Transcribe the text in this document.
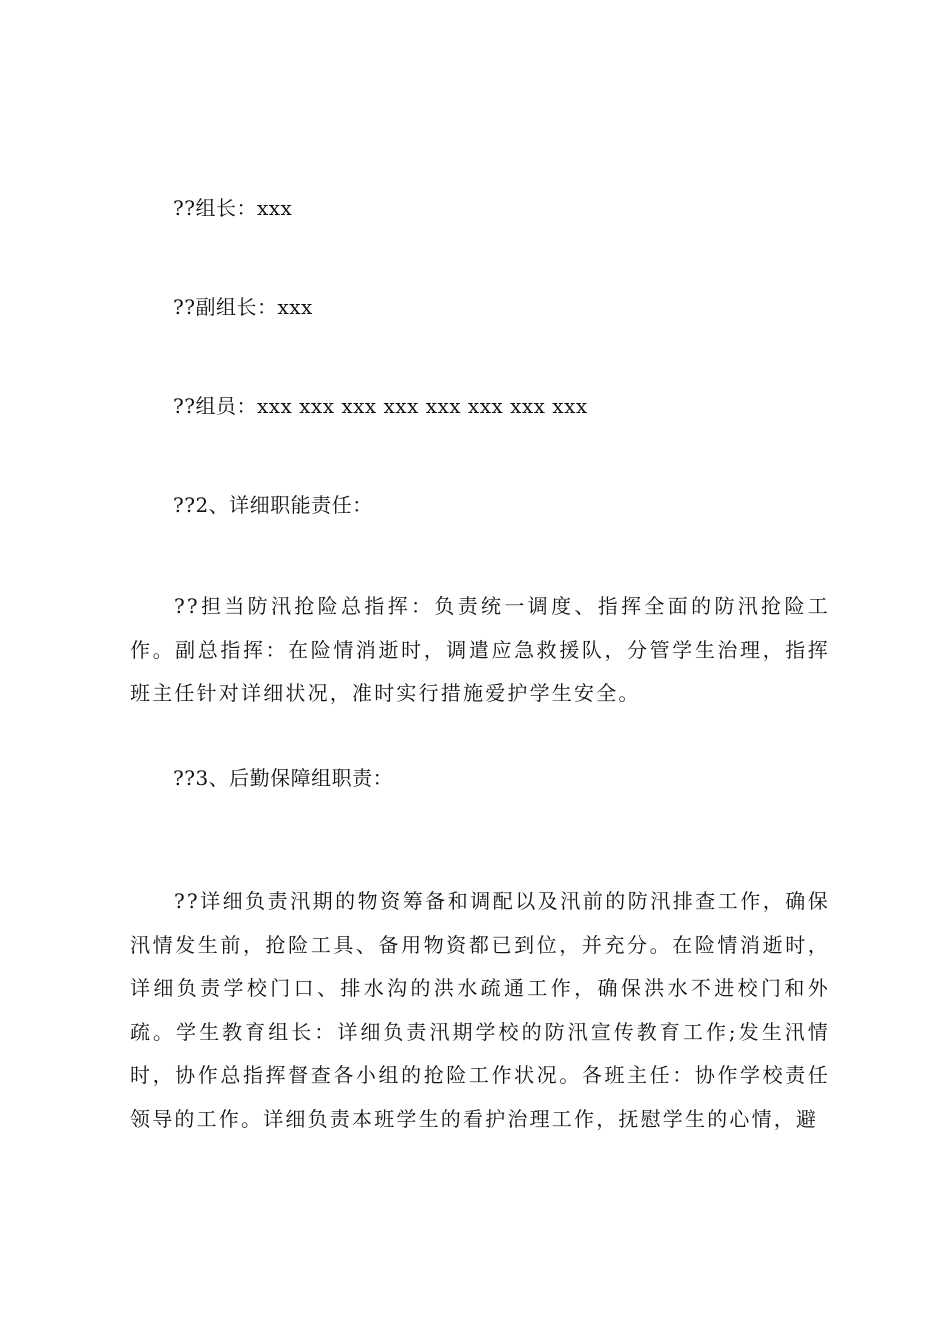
??组长：xxx
??副组长：xxx
??组员：xxx xxx xxx xxx xxx xxx xxx xxx
??2、详细职能责任：

??担当防汛抢险总指挥：负责统一调度、指挥全面的防汛抢险工作。副总指挥：在险情消逝时，调遣应急救援队，分管学生治理，指挥班主任针对详细状况，准时实行措施爱护学生安全。

??3、后勤保障组职责：

??详细负责汛期的物资筹备和调配以及汛前的防汛排查工作，确保汛情发生前，抢险工具、备用物资都已到位，并充分。在险情消逝时，详细负责学校门口、排水沟的洪水疏通工作，确保洪水不进校门和外疏。学生教育组长：详细负责汛期学校的防汛宣传教育工作;发生汛情时，协作总指挥督查各小组的抢险工作状况。各班主任：协作学校责任领导的工作。详细负责本班学生的看护治理工作，抚慰学生的心情，避
